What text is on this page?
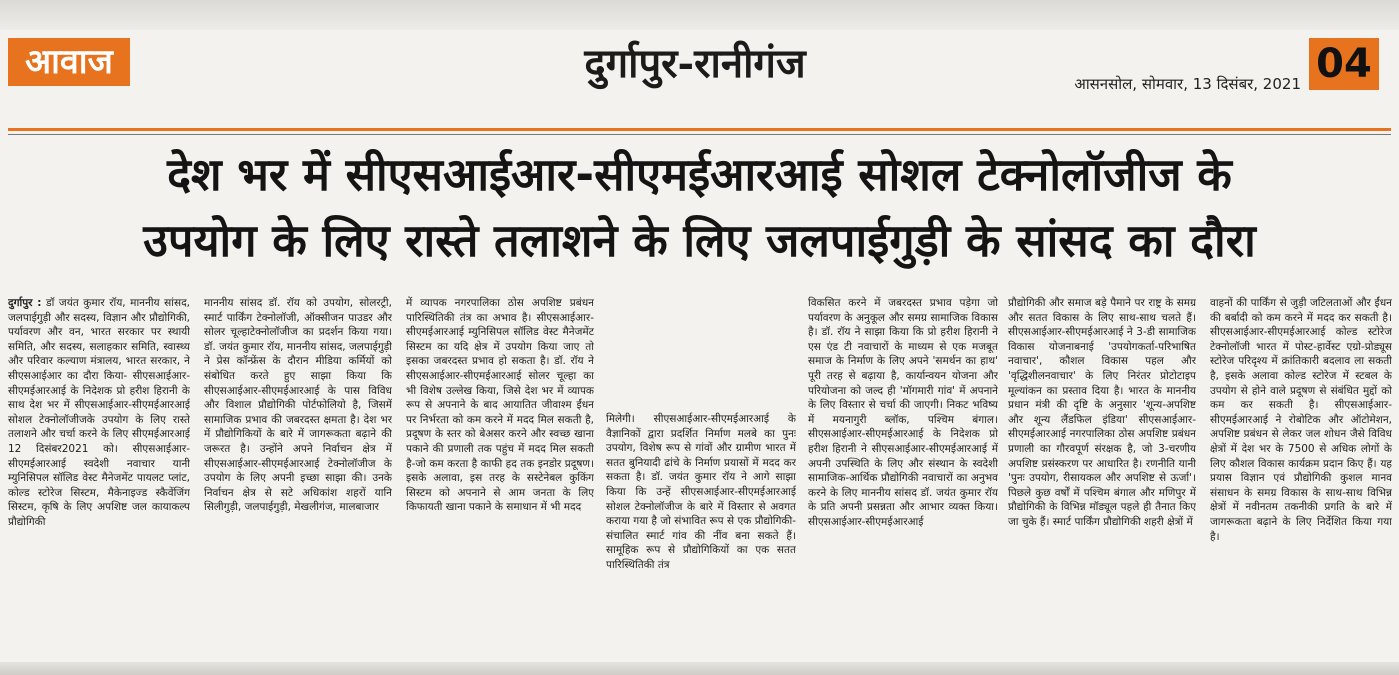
आवाज	दुर्गापुर-रानीगंज	आसनसोल, सोमवार, 13 दिसंबर, 2021 04
देश भर में सीएसआईआर-सीएमईआरआई सोशल टेक्नोलॉजीज के
उपयोग के लिए रास्ते तलाशने के लिए जलपाईगुड़ी के सांसद का दौरा
दुर्गापुर : डॉ जयंत कुमार रॉय, माननीय सांसद, जलपाईगुड़ी और सदस्य, विज्ञान और प्रौद्योगिकी, पर्यावरण और वन, भारत सरकार पर स्थायी समिति, और सदस्य, सलाहकार समिति, स्वास्थ्य और परिवार कल्याण मंत्रालय, भारत सरकार, ने सीएसआईआर का दौरा किया- सीएसआईआर-सीएमईआरआई के निदेशक प्रो हरीश हिरानी के साथ देश भर में सीएसआईआर-सीएमईआरआई सोशल टेक्नोलॉजीजके उपयोग के लिए रास्ते तलाशने और चर्चा करने के लिए सीएमईआरआई 12 दिसंबर2021 को। सीएसआईआर-सीएमईआरआई स्वदेशी नवाचार यानी म्युनिसिपल सॉलिड वेस्ट मैनेजमेंट पायलट प्लांट, कोल्ड स्टोरेज सिस्टम, मैकेनाइज्ड स्कैवेंजिंग सिस्टम, कृषि के लिए अपशिष्ट जल कायाकल्प प्रौद्योगिकी
माननीय सांसद डॉ. रॉय को उपयोग, सोलरट्री, स्मार्ट पार्किंग टेक्नोलॉजी, ऑक्सीजन पाउडर और सोलर चूल्हाटेक्नोलॉजीज का प्रदर्शन किया गया। डॉ. जयंत कुमार रॉय, माननीय सांसद, जलपाईगुड़ी ने प्रेस कॉन्फ्रेंस के दौरान मीडिया कर्मियों को संबोधित करते हुए साझा किया कि सीएसआईआर-सीएमईआरआई के पास विविध और विशाल प्रौद्योगिकी पोर्टफोलियो है, जिसमें सामाजिक प्रभाव की जबरदस्त क्षमता है। देश भर में प्रौद्योगिकियों के बारे में जागरूकता बढ़ाने की जरूरत है। उन्होंने अपने निर्वाचन क्षेत्र में सीएसआईआर-सीएमईआरआई टेक्नोलॉजीज के उपयोग के लिए अपनी इच्छा साझा की। उनके निर्वाचन क्षेत्र से सटे अधिकांश शहरों यानि सिलीगुड़ी, जलपाईगुड़ी, मेखलीगंज, मालबाजार
में व्यापक नगरपालिका ठोस अपशिष्ट प्रबंधन पारिस्थितिकी तंत्र का अभाव है। सीएसआईआर-सीएमईआरआई म्युनिसिपल सॉलिड वेस्ट मैनेजमेंट सिस्टम का यदि क्षेत्र में उपयोग किया जाए तो इसका जबरदस्त प्रभाव हो सकता है। डॉ. रॉय ने सीएसआईआर-सीएमईआरआई सोलर चूल्हा का भी विशेष उल्लेख किया, जिसे देश भर में व्यापक रूप से अपनाने के बाद आयातित जीवाश्म ईंधन पर निर्भरता को कम करने में मदद मिल सकती है, प्रदूषण के स्तर को बेअसर करने और स्वच्छ खाना पकाने की प्रणाली तक पहुंच में मदद मिल सकती है-जो कम करता है काफी हद तक इनडोर प्रदूषण। इसके अलावा, इस तरह के सस्टेनेबल कुकिंग सिस्टम को अपनाने से आम जनता के लिए किफायती खाना पकाने के समाधान में भी मदद
मिलेगी। सीएसआईआर-सीएमईआरआई के वैज्ञानिकों द्वारा प्रदर्शित निर्माण मलबे का पुनः उपयोग, विशेष रूप से गांवों और ग्रामीण भारत में सतत बुनियादी ढांचे के निर्माण प्रयासों में मदद कर सकता है। डॉ. जयंत कुमार रॉय ने आगे साझा किया कि उन्हें सीएसआईआर-सीएमईआरआई सोशल टेक्नोलॉजीज के बारे में विस्तार से अवगत कराया गया है जो संभावित रूप से एक प्रौद्योगिकी-संचालित स्मार्ट गांव की नींव बना सकते हैं। सामूहिक रूप से प्रौद्योगिकियों का एक सतत पारिस्थितिकी तंत्र
विकसित करने में जबरदस्त प्रभाव पड़ेगा जो पर्यावरण के अनुकूल और समग्र सामाजिक विकास है। डॉ. रॉय ने साझा किया कि प्रो हरीश हिरानी ने एस एंड टी नवाचारों के माध्यम से एक मजबूत समाज के निर्माण के लिए अपने 'समर्थन का हाथ' पूरी तरह से बढ़ाया है, कार्यान्वयन योजना और परियोजना को जल्द ही 'मॉगमारी गांव' में अपनाने के लिए विस्तार से चर्चा की जाएगी। निकट भविष्य में मयनागुरी ब्लॉक, पश्चिम बंगाल। सीएसआईआर-सीएमईआरआई के निदेशक प्रो हरीश हिरानी ने सीएसआईआर-सीएमईआरआई में अपनी उपस्थिति के लिए और संस्थान के स्वदेशी सामाजिक-आर्थिक प्रौद्योगिकी नवाचारों का अनुभव करने के लिए माननीय सांसद डॉ. जयंत कुमार रॉय के प्रति अपनी प्रसन्नता और आभार व्यक्त किया। सीएसआईआर-सीएमईआरआई
प्रौद्योगिकी और समाज बड़े पैमाने पर राष्ट्र के समग्र और सतत विकास के लिए साथ-साथ चलते हैं। सीएसआईआर-सीएमईआरआई ने 3-डी सामाजिक विकास योजनाबनाई 'उपयोगकर्ता-परिभाषित नवाचार', कौशल विकास पहल और 'वृद्धिशीलनवाचार' के लिए निरंतर प्रोटोटाइप मूल्यांकन का प्रस्ताव दिया है। भारत के माननीय प्रधान मंत्री की दृष्टि के अनुसार 'शून्य-अपशिष्ट और शून्य लैंडफिल इंडिया' सीएसआईआर-सीएमईआरआई नगरपालिका ठोस अपशिष्ट प्रबंधन प्रणाली का गौरवपूर्ण संरक्षक है, जो 3-चरणीय अपशिष्ट प्रसंस्करण पर आधारित है। रणनीति यानी 'पुनः उपयोग, रीसायकल और अपशिष्ट से ऊर्जा'। पिछले कुछ वर्षों में पश्चिम बंगाल और मणिपुर में प्रौद्योगिकी के विभिन्न मॉड्यूल पहले ही तैनात किए जा चुके हैं। स्मार्ट पार्किंग प्रौद्योगिकी शहरी क्षेत्रों में
वाहनों की पार्किंग से जुड़ी जटिलताओं और ईंधन की बर्बादी को कम करने में मदद कर सकती है। सीएसआईआर-सीएमईआरआई कोल्ड स्टोरेज टेक्नोलॉजी भारत में पोस्ट-हार्वेस्ट एग्रो-प्रोड्यूस स्टोरेज परिदृश्य में क्रांतिकारी बदलाव ला सकती है, इसके अलावा कोल्ड स्टोरेज में स्टबल के उपयोग से होने वाले प्रदूषण से संबंधित मुद्दों को कम कर सकती है। सीएसआईआर-सीएमईआरआई ने रोबोटिक और ऑटोमेशन, अपशिष्ट प्रबंधन से लेकर जल शोधन जैसे विविध क्षेत्रों में देश भर के 7500 से अधिक लोगों के लिए कौशल विकास कार्यक्रम प्रदान किए हैं। यह प्रयास विज्ञान एवं प्रौद्योगिकी कुशल मानव संसाधन के समग्र विकास के साथ-साथ विभिन्न क्षेत्रों में नवीनतम तकनीकी प्रगति के बारे में जागरूकता बढ़ाने के लिए निर्देशित किया गया है।
